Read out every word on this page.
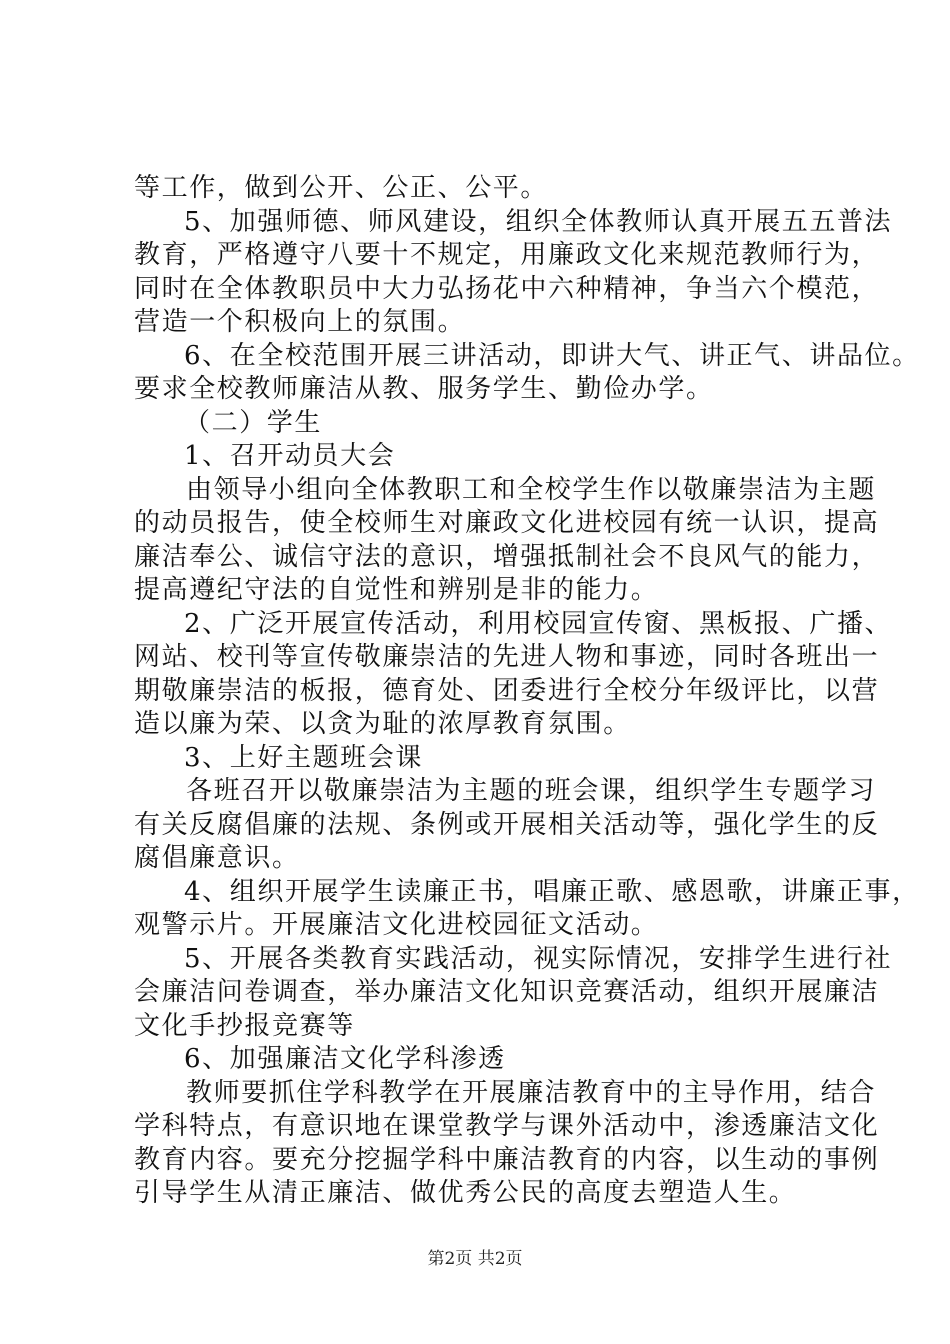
等工作，做到公开、公正、公平。
5、加强师德、师风建设，组织全体教师认真开展五五普法
教育，严格遵守八要十不规定，用廉政文化来规范教师行为，
同时在全体教职员中大力弘扬花中六种精神，争当六个模范，
营造一个积极向上的氛围。
6、在全校范围开展三讲活动，即讲大气、讲正气、讲品位。
要求全校教师廉洁从教、服务学生、勤俭办学。
（二）学生
1、召开动员大会
由领导小组向全体教职工和全校学生作以敬廉崇洁为主题
的动员报告，使全校师生对廉政文化进校园有统一认识，提高
廉洁奉公、诚信守法的意识，增强抵制社会不良风气的能力，
提高遵纪守法的自觉性和辨别是非的能力。
2、广泛开展宣传活动，利用校园宣传窗、黑板报、广播、
网站、校刊等宣传敬廉崇洁的先进人物和事迹，同时各班出一
期敬廉崇洁的板报，德育处、团委进行全校分年级评比，以营
造以廉为荣、以贪为耻的浓厚教育氛围。
3、上好主题班会课
各班召开以敬廉崇洁为主题的班会课，组织学生专题学习
有关反腐倡廉的法规、条例或开展相关活动等，强化学生的反
腐倡廉意识。
4、组织开展学生读廉正书，唱廉正歌、感恩歌，讲廉正事，
观警示片。开展廉洁文化进校园征文活动。
5、开展各类教育实践活动，视实际情况，安排学生进行社
会廉洁问卷调查，举办廉洁文化知识竞赛活动，组织开展廉洁
文化手抄报竞赛等
6、加强廉洁文化学科渗透
教师要抓住学科教学在开展廉洁教育中的主导作用，结合
学科特点，有意识地在课堂教学与课外活动中，渗透廉洁文化
教育内容。要充分挖掘学科中廉洁教育的内容，以生动的事例
引导学生从清正廉洁、做优秀公民的高度去塑造人生。
第2页 共2页
